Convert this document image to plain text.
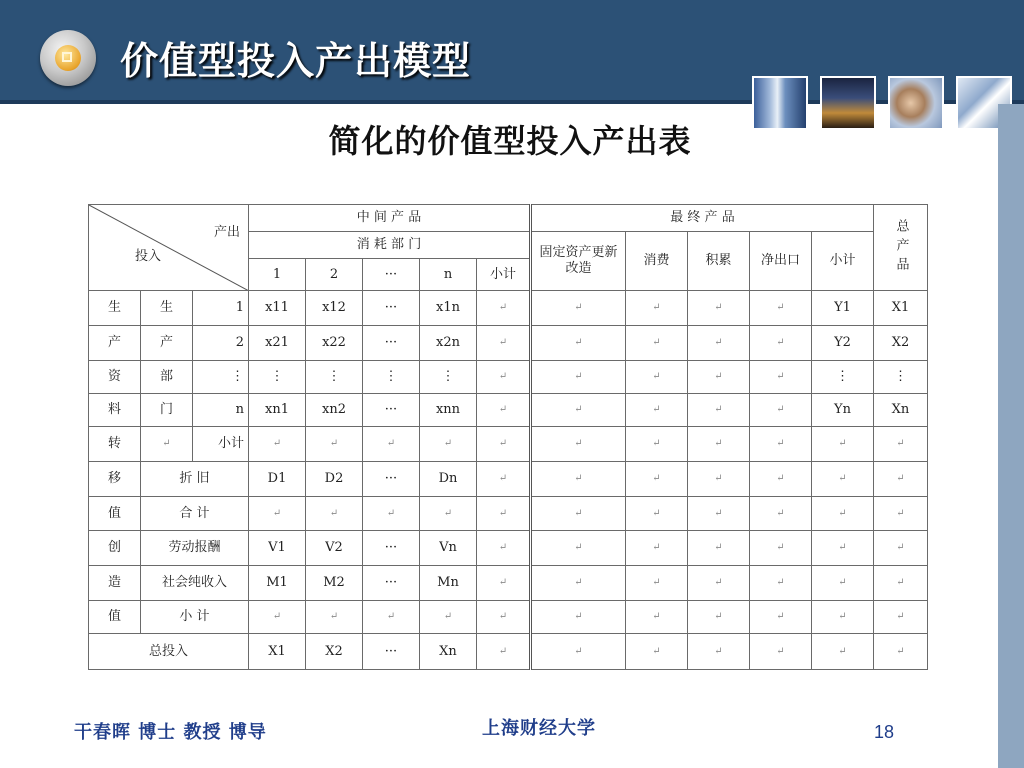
价值型投入产出模型
简化的价值型投入产出表
产出
投入			中 间 产 品					最 终 产 品					总产品
			消 耗 部 门					固定资产更新改造	消费	积累	净出口	小计	
			1	2	···	n	小计						
生	生	1	x11	x12	···	x1n	↵	↵	↵	↵	↵	Y1	X1
产	产	2	x21	x22	···	x2n	↵	↵	↵	↵	↵	Y2	X2
资	部	⋮	⋮	⋮	⋮	⋮	↵	↵	↵	↵	↵	⋮	⋮
料	门	n	xn1	xn2	···	xnn	↵	↵	↵	↵	↵	Yn	Xn
转	↵	小计	↵	↵	↵	↵	↵	↵	↵	↵	↵	↵	↵
移	折 旧		D1	D2	···	Dn	↵	↵	↵	↵	↵	↵	↵
值	合 计		↵	↵	↵	↵	↵	↵	↵	↵	↵	↵	↵
创	劳动报酬		V1	V2	···	Vn	↵	↵	↵	↵	↵	↵	↵
造	社会纯收入		M1	M2	···	Mn	↵	↵	↵	↵	↵	↵	↵
值	小 计		↵	↵	↵	↵	↵	↵	↵	↵	↵	↵	↵
总投入			X1	X2	···	Xn	↵	↵	↵	↵	↵	↵	↵
干春晖 博士 教授 博导	上海财经大学	18
